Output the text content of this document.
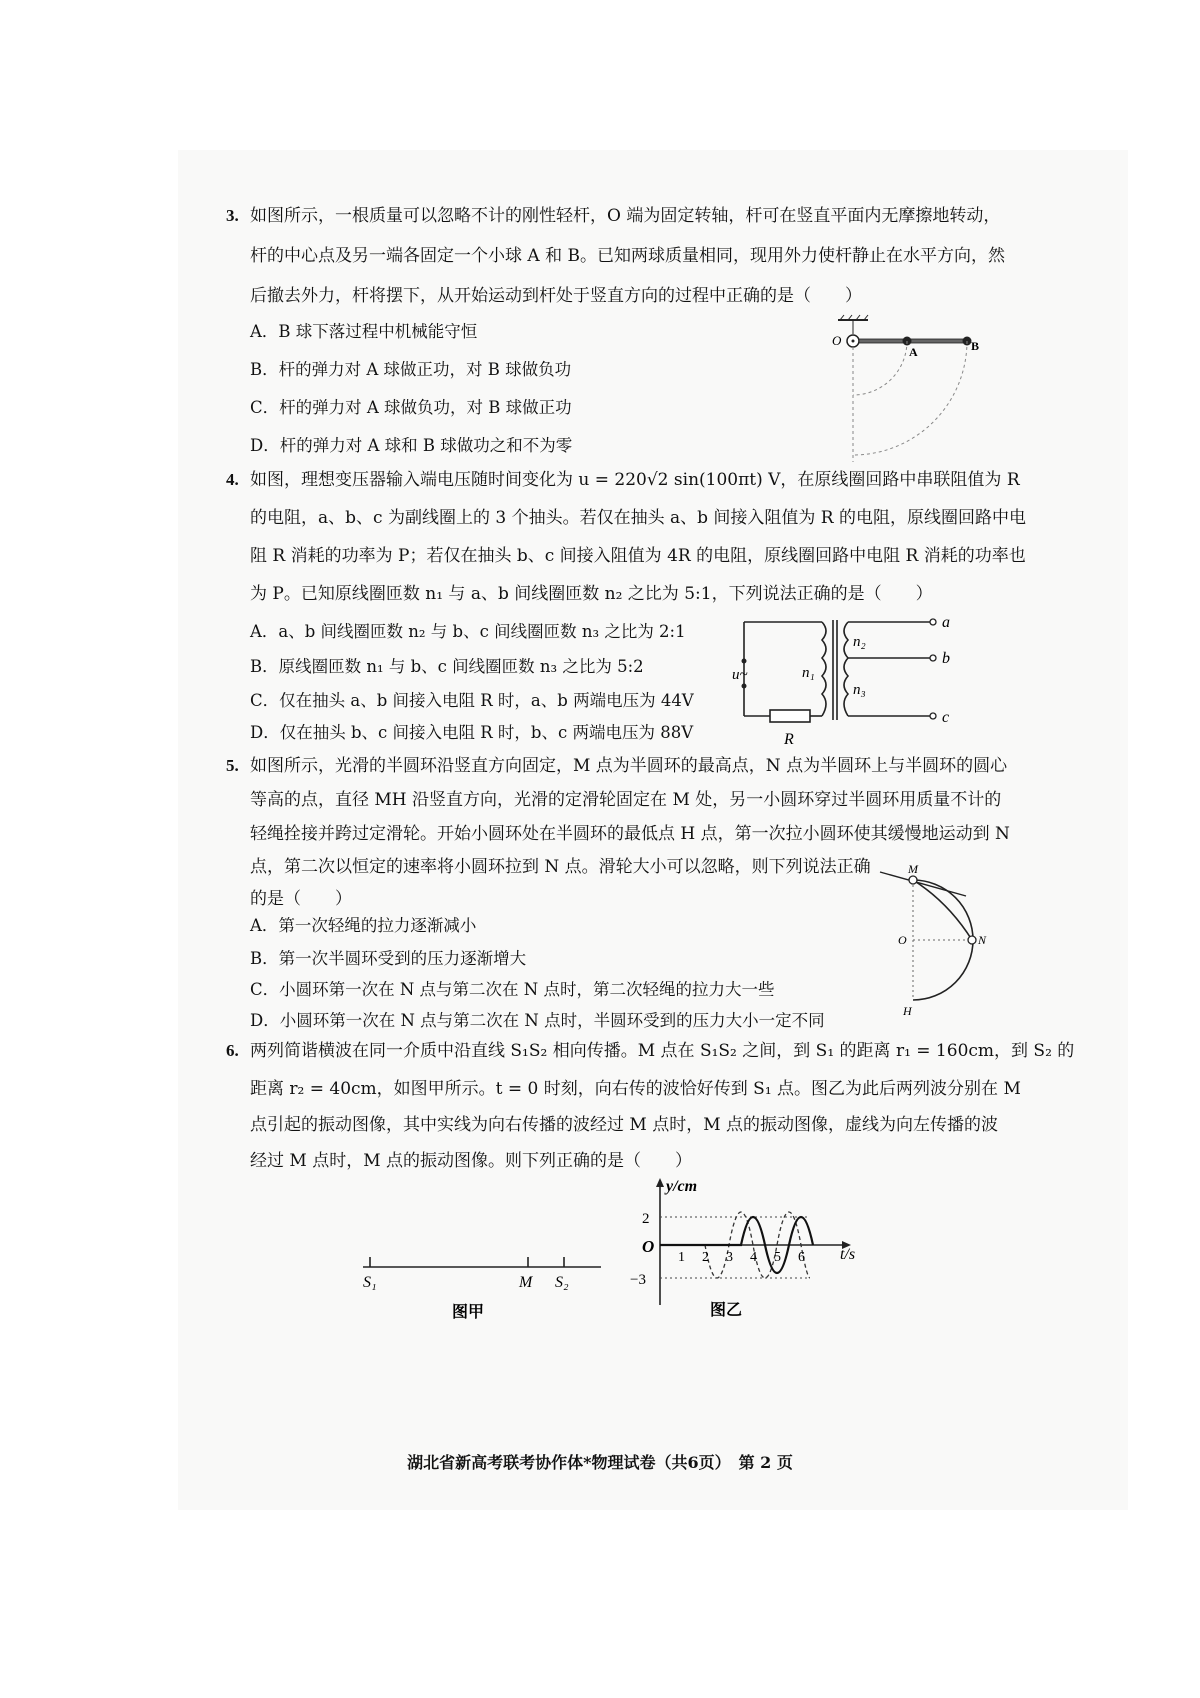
3. 如图所示，一根质量可以忽略不计的刚性轻杆，O 端为固定转轴，杆可在竖直平面内无摩擦地转动，
杆的中心点及另一端各固定一个小球 A 和 B。已知两球质量相同，现用外力使杆静止在水平方向，然
后撤去外力，杆将摆下，从开始运动到杆处于竖直方向的过程中正确的是（　　）
A．B 球下落过程中机械能守恒
B．杆的弹力对 A 球做正功，对 B 球做负功
C．杆的弹力对 A 球做负功，对 B 球做正功
D．杆的弹力对 A 球和 B 球做功之和不为零
O
A	B
4. 如图，理想变压器输入端电压随时间变化为 u = 220√2 sin(100πt) V，在原线圈回路中串联阻值为 R
的电阻，a、b、c 为副线圈上的 3 个抽头。若仅在抽头 a、b 间接入阻值为 R 的电阻，原线圈回路中电
阻 R 消耗的功率为 P；若仅在抽头 b、c 间接入阻值为 4R 的电阻，原线圈回路中电阻 R 消耗的功率也
为 P。已知原线圈匝数 n₁ 与 a、b 间线圈匝数 n₂ 之比为 5:1，下列说法正确的是（　　）
A．a、b 间线圈匝数 n₂ 与 b、c 间线圈匝数 n₃ 之比为 2:1
B．原线圈匝数 n₁ 与 b、c 间线圈匝数 n₃ 之比为 5:2
C．仅在抽头 a、b 间接入电阻 R 时，a、b 两端电压为 44V
D．仅在抽头 b、c 间接入电阻 R 时，b、c 两端电压为 88V
u~	n₁
n₂
n₃
a
b
c
R
5. 如图所示，光滑的半圆环沿竖直方向固定，M 点为半圆环的最高点，N 点为半圆环上与半圆环的圆心
等高的点，直径 MH 沿竖直方向，光滑的定滑轮固定在 M 处，另一小圆环穿过半圆环用质量不计的
轻绳拴接并跨过定滑轮。开始小圆环处在半圆环的最低点 H 点，第一次拉小圆环使其缓慢地运动到 N
点，第二次以恒定的速率将小圆环拉到 N 点。滑轮大小可以忽略，则下列说法正确
的是（　　）
A．第一次轻绳的拉力逐渐减小
B．第一次半圆环受到的压力逐渐增大
C．小圆环第一次在 N 点与第二次在 N 点时，第二次轻绳的拉力大一些
D．小圆环第一次在 N 点与第二次在 N 点时，半圆环受到的压力大小一定不同
M
N
O
H
6. 两列简谐横波在同一介质中沿直线 S₁S₂ 相向传播。M 点在 S₁S₂ 之间，到 S₁ 的距离 r₁ = 160cm，到 S₂ 的
距离 r₂ = 40cm，如图甲所示。t = 0 时刻，向右传的波恰好传到 S₁ 点。图乙为此后两列波分别在 M
点引起的振动图像，其中实线为向右传播的波经过 M 点时，M 点的振动图像，虚线为向左传播的波
经过 M 点时，M 点的振动图像。则下列正确的是（　　）
S₁	M S₂
图甲
y/cm
t/s
O
2
−3
1 2 3 4 5 6
图乙
湖北省新高考联考协作体*物理试卷（共6页）　第 2 页
